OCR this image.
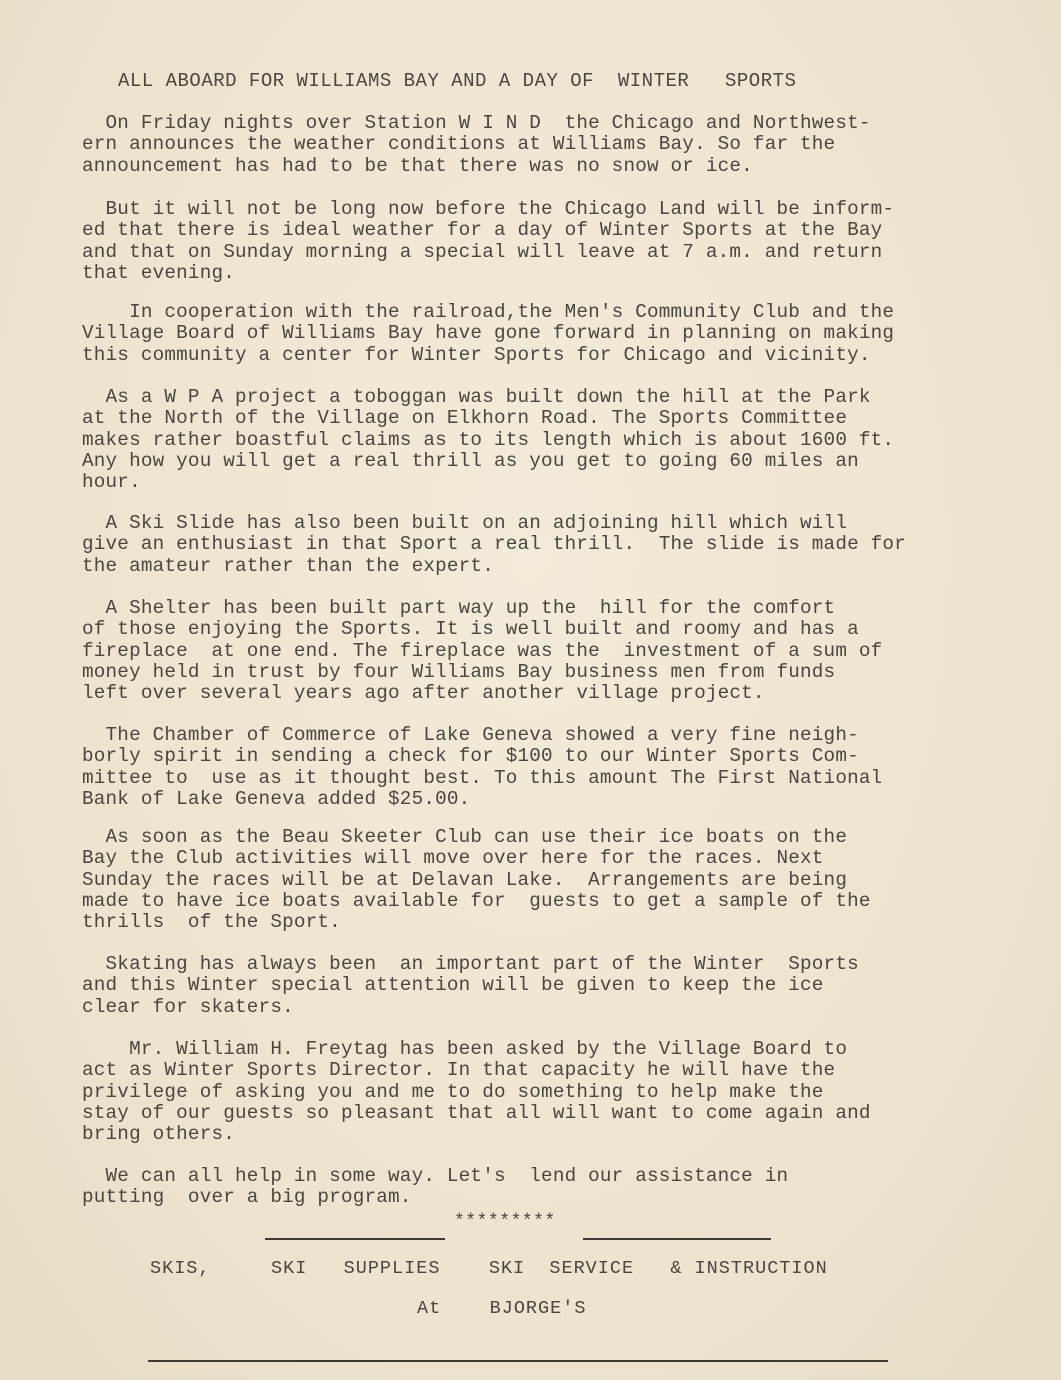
ALL ABOARD FOR WILLIAMS BAY AND A DAY OF  WINTER   SPORTS
On Friday nights over Station W I N D  the Chicago and Northwest-
ern announces the weather conditions at Williams Bay. So far the
announcement has had to be that there was no snow or ice.
But it will not be long now before the Chicago Land will be inform-
ed that there is ideal weather for a day of Winter Sports at the Bay
and that on Sunday morning a special will leave at 7 a.m. and return
that evening.
In cooperation with the railroad,the Men's Community Club and the
Village Board of Williams Bay have gone forward in planning on making
this community a center for Winter Sports for Chicago and vicinity.
As a W P A project a toboggan was built down the hill at the Park
at the North of the Village on Elkhorn Road. The Sports Committee
makes rather boastful claims as to its length which is about 1600 ft.
Any how you will get a real thrill as you get to going 60 miles an
hour.
A Ski Slide has also been built on an adjoining hill which will
give an enthusiast in that Sport a real thrill.  The slide is made for
the amateur rather than the expert.
A Shelter has been built part way up the  hill for the comfort
of those enjoying the Sports. It is well built and roomy and has a
fireplace  at one end. The fireplace was the  investment of a sum of
money held in trust by four Williams Bay business men from funds
left over several years ago after another village project.
The Chamber of Commerce of Lake Geneva showed a very fine neigh-
borly spirit in sending a check for $100 to our Winter Sports Com-
mittee to  use as it thought best. To this amount The First National
Bank of Lake Geneva added $25.00.
As soon as the Beau Skeeter Club can use their ice boats on the
Bay the Club activities will move over here for the races. Next
Sunday the races will be at Delavan Lake.  Arrangements are being
made to have ice boats available for  guests to get a sample of the
thrills  of the Sport.
Skating has always been  an important part of the Winter  Sports
and this Winter special attention will be given to keep the ice
clear for skaters.
Mr. William H. Freytag has been asked by the Village Board to
act as Winter Sports Director. In that capacity he will have the
privilege of asking you and me to do something to help make the
stay of our guests so pleasant that all will want to come again and
bring others.
We can all help in some way. Let's  lend our assistance in
putting  over a big program.
*********
SKIS,     SKI   SUPPLIES    SKI  SERVICE   & INSTRUCTION
At    BJORGE'S
